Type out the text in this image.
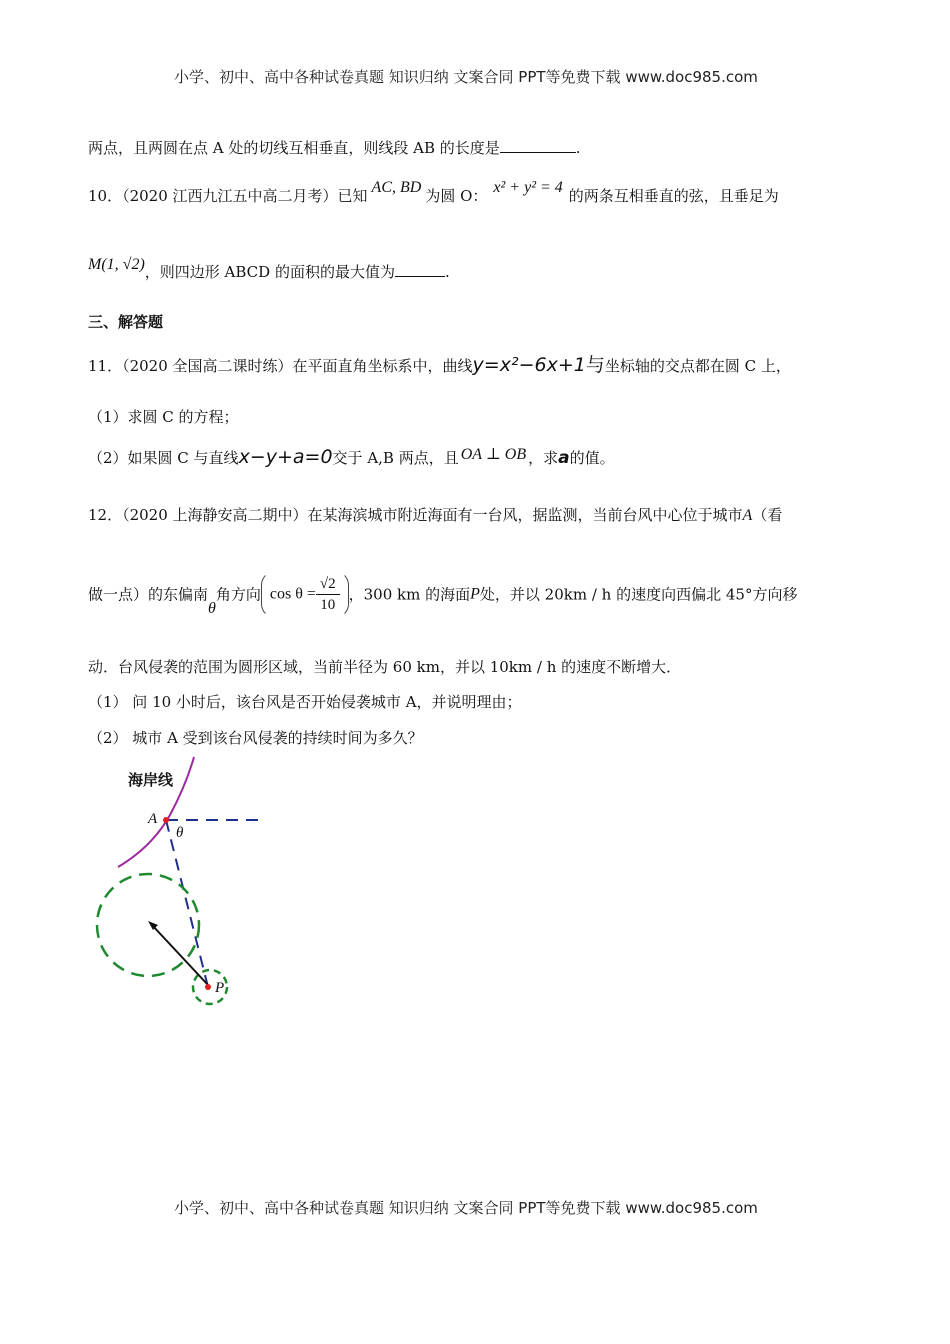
小学、初中、高中各种试卷真题 知识归纳 文案合同 PPT等免费下载 www.doc985.com
两点，且两圆在点 A 处的切线互相垂直，则线段 AB 的长度是	.
10．（2020 江西九江五中高二月考）已知 AC, BD 为圆 O： x² + y² = 4 的两条互相垂直的弦，且垂足为
M(1, √2)，则四边形 ABCD 的面积的最大值为	.
三、解答题
11．（2020 全国高二课时练）在平面直角坐标系中，曲线y=x²−6x+1与坐标轴的交点都在圆 C 上，
（1）求圆 C 的方程；
（2）如果圆 C 与直线x−y+a=0交于 A,B 两点，且 OA ⊥ OB ，求a的值。
12．（2020 上海静安高二期中）在某海滨城市附近海面有一台风，据监测，当前台风中心位于城市A（看
做一点）的东偏南θ角方向 $\cos \theta = \frac{√2}{10}$ ，300 km 的海面P处，并以 20km / h 的速度向西偏北 45°方向移
动．台风侵袭的范围为圆形区域，当前半径为 60 km，并以 10km / h 的速度不断增大．
（1） 问 10 小时后，该台风是否开始侵袭城市 A，并说明理由；
（2） 城市 A 受到该台风侵袭的持续时间为多久？
海岸线
A
θ
P
小学、初中、高中各种试卷真题 知识归纳 文案合同 PPT等免费下载 www.doc985.com
